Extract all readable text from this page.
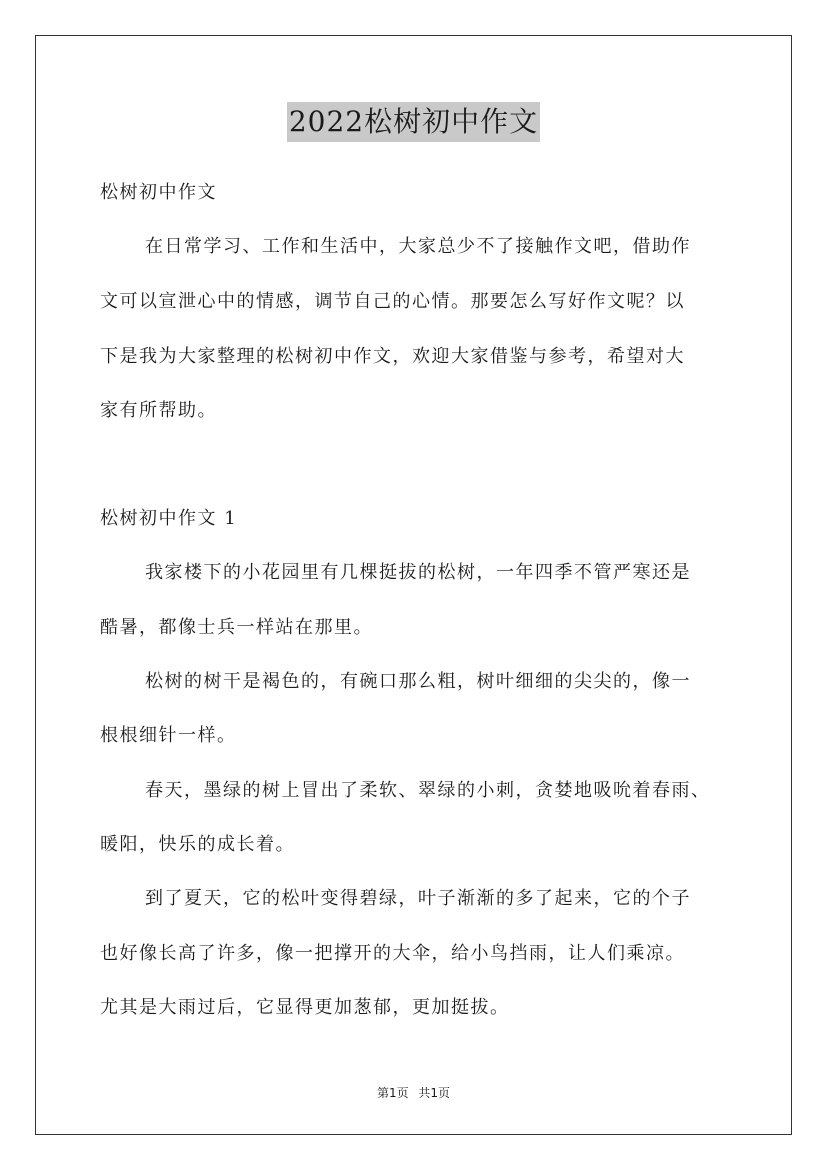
2022松树初中作文
松树初中作文
在日常学习、工作和生活中，大家总少不了接触作文吧，借助作
文可以宣泄心中的情感，调节自己的心情。那要怎么写好作文呢？以
下是我为大家整理的松树初中作文，欢迎大家借鉴与参考，希望对大
家有所帮助。
松树初中作文 1
我家楼下的小花园里有几棵挺拔的松树，一年四季不管严寒还是
酷暑，都像士兵一样站在那里。
松树的树干是褐色的，有碗口那么粗，树叶细细的尖尖的，像一
根根细针一样。
春天，墨绿的树上冒出了柔软、翠绿的小刺，贪婪地吸吮着春雨、
暖阳，快乐的成长着。
到了夏天，它的松叶变得碧绿，叶子渐渐的多了起来，它的个子
也好像长高了许多，像一把撑开的大伞，给小鸟挡雨，让人们乘凉。
尤其是大雨过后，它显得更加葱郁，更加挺拔。
第1页 共1页
